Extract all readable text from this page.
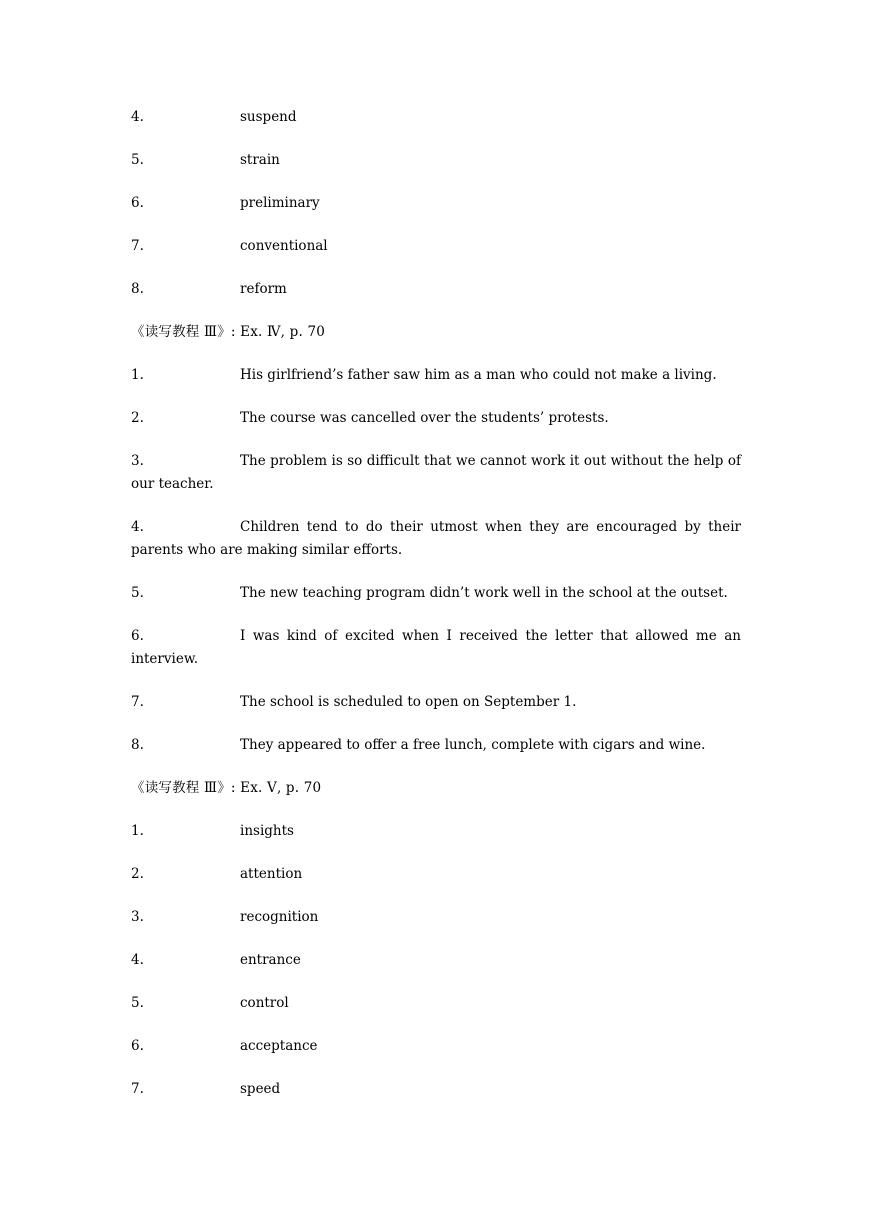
4.	suspend
5.	strain
6.	preliminary
7.	conventional
8.	reform
《读写教程 Ⅲ》: Ex. Ⅳ, p. 70
1.	His girlfriend’s father saw him as a man who could not make a living.
2.	The course was cancelled over the students’ protests.
3.	The problem is so difficult that we cannot work it out without the help of our teacher.
4.	Children tend to do their utmost when they are encouraged by their parents who are making similar efforts.
5.	The new teaching program didn’t work well in the school at the outset.
6.	I was kind of excited when I received the letter that allowed me an interview.
7.	The school is scheduled to open on September 1.
8.	They appeared to offer a free lunch, complete with cigars and wine.
《读写教程 Ⅲ》: Ex. Ⅴ, p. 70
1.	insights
2.	attention
3.	recognition
4.	entrance
5.	control
6.	acceptance
7.	speed
